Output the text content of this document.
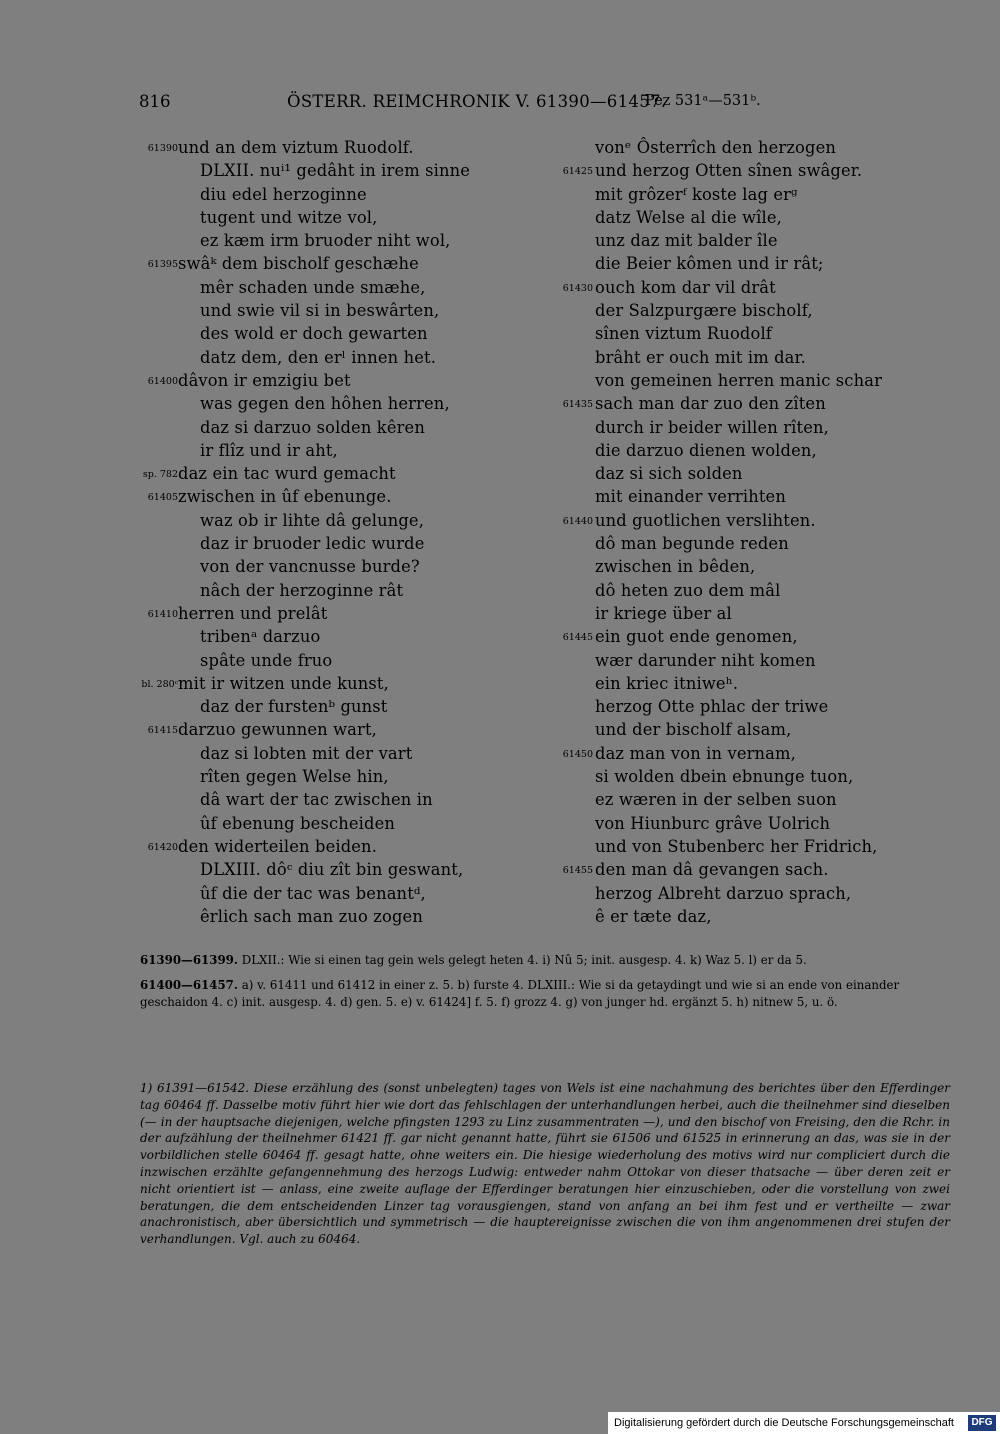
816	ÖSTERR. REIMCHRONIK V. 61390—61457.
Pez 531ᵃ—531ᵇ.
61390 und an dem viztum Ruodolf.
DLXII. nuⁱ¹ gedâht in irem sinne
diu edel herzoginne
tugent und witze vol,
ez kæm irm bruoder niht wol,
61395 swâᵏ dem bischolf geschæhe
mêr schaden unde smæhe,
und swie vil si in beswârten,
des wold er doch gewarten
datz dem, den erˡ innen het.
61400 dâvon ir emzigiu bet
was gegen den hôhen herren,
daz si darzuo solden kêren
ir flîz und ir aht,
sp. 782 daz ein tac wurd gemacht
61405 zwischen in ûf ebenunge.
waz ob ir lihte dâ gelunge,
daz ir bruoder ledic wurde
von der vancnusse burde?
nâch der herzoginne rât
61410 herren und prelât
tribenᵃ darzuo
spâte unde fruo
bl. 280ᶜ mit ir witzen unde kunst,
daz der furstenᵇ gunst
61415 darzuo gewunnen wart,
daz si lobten mit der vart
rîten gegen Welse hin,
dâ wart der tac zwischen in
ûf ebenung bescheiden
61420 den widerteilen beiden.
DLXIII. dôᶜ diu zît bin geswant,
ûf die der tac was benantᵈ,
êrlich sach man zuo zogen
vonᵉ Ôsterrîch den herzogen
61425 und herzog Otten sînen swâger.
mit grôzerᶠ koste lag erᵍ
datz Welse al die wîle,
unz daz mit balder île
die Beier kômen und ir rât;
61430 ouch kom dar vil drât
der Salzpurgære bischolf,
sînen viztum Ruodolf
brâht er ouch mit im dar.
von gemeinen herren manic schar
61435 sach man dar zuo den zîten
durch ir beider willen rîten,
die darzuo dienen wolden,
daz si sich solden
mit einander verrihten
61440 und guotlichen verslihten.
dô man begunde reden
zwischen in bêden,
dô heten zuo dem mâl
ir kriege über al
61445 ein guot ende genomen,
wær darunder niht komen
ein kriec itniweʰ.
herzog Otte phlac der triwe
und der bischolf alsam,
61450 daz man von in vernam,
si wolden dbein ebnunge tuon,
ez wæren in der selben suon
von Hiunburc grâve Uolrich
und von Stubenberc her Fridrich,
61455 den man dâ gevangen sach.
herzog Albreht darzuo sprach,
ê er tæte daz,
61390—61399. DLXII.: Wie si einen tag gein wels gelegt heten 4. i) Nû 5; init. ausgesp. 4. k) Waz 5. l) er da 5.
61400—61457. a) v. 61411 und 61412 in einer z. 5. b) furste 4. DLXIII.: Wie si da getaydingt und wie si an ende von einander geschaidon 4. c) init. ausgesp. 4. d) gen. 5. e) v. 61424] f. 5. f) grozz 4. g) von junger hd. ergänzt 5. h) nitnew 5, u. ö.
1) 61391—61542. Diese erzählung des (sonst unbelegten) tages von Wels ist eine nachahmung des berichtes über den Efferdinger tag 60464 ff. Dasselbe motiv führt hier wie dort das fehlschlagen der unterhandlungen herbei, auch die theilnehmer sind dieselben (— in der hauptsache diejenigen, welche pfingsten 1293 zu Linz zusammentraten —), und den bischof von Freising, den die Rchr. in der aufzählung der theilnehmer 61421 ff. gar nicht genannt hatte, führt sie 61506 und 61525 in erinnerung an das, was sie in der vorbildlichen stelle 60464 ff. gesagt hatte, ohne weiters ein. Die hiesige wiederholung des motivs wird nur compliciert durch die inzwischen erzählte gefangennehmung des herzogs Ludwig: entweder nahm Ottokar von dieser thatsache — über deren zeit er nicht orientiert ist — anlass, eine zweite auflage der Efferdinger beratungen hier einzuschieben, oder die vorstellung von zwei beratungen, die dem entscheidenden Linzer tag vorausgiengen, stand von anfang an bei ihm fest und er vertheilte — zwar anachronistisch, aber übersichtlich und symmetrisch — die hauptereignisse zwischen die von ihm angenommenen drei stufen der verhandlungen. Vgl. auch zu 60464.
Digitalisierung gefördert durch die Deutsche Forschungsgemeinschaft	DFG
